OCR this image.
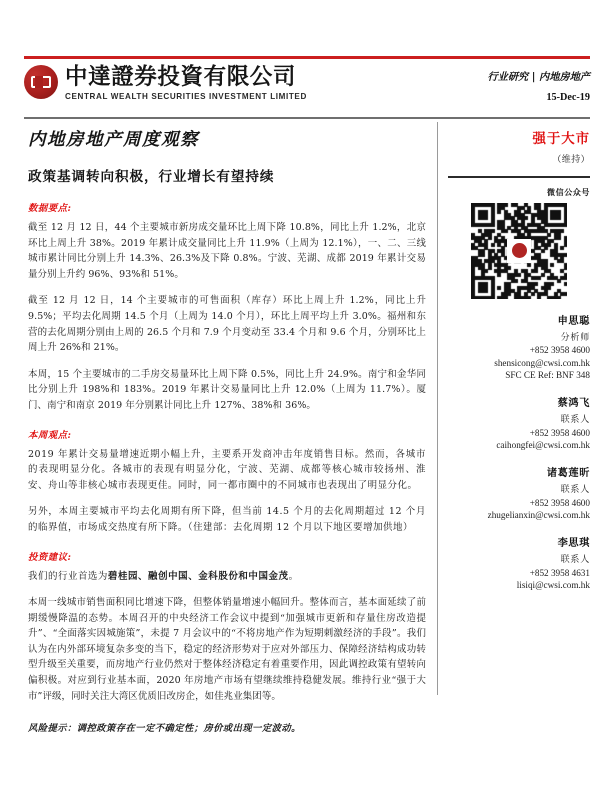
中達證券投資有限公司
CENTRAL WEALTH SECURITIES INVESTMENT LIMITED
行业研究 | 内地房地产
15-Dec-19
内地房地产周度观察
政策基调转向积极，行业增长有望持续
数据要点:

截至 12 月 12 日，44 个主要城市新房成交量环比上周下降 10.8%，同比上升 1.2%，北京环比上周上升 38%。2019 年累计成交量同比上升 11.9%（上周为 12.1%），一、二、三线城市累计同比分别上升 14.3%、26.3%及下降 0.8%。宁波、芜湖、成都 2019 年累计交易量分别上升约 96%、93%和 51%。

截至 12 月 12 日，14 个主要城市的可售面积（库存）环比上周上升 1.2%，同比上升 9.5%；平均去化周期 14.5 个月（上周为 14.0 个月），环比上周平均上升 3.0%。福州和东营的去化周期分别由上周的 26.5 个月和 7.9 个月变动至 33.4 个月和 9.6 个月，分别环比上周上升 26%和 21%。

本周，15 个主要城市的二手房交易量环比上周下降 0.5%，同比上升 24.9%。南宁和金华同比分别上升 198%和 183%。2019 年累计交易量同比上升 12.0%（上周为 11.7%）。厦门、南宁和南京 2019 年分别累计同比上升 127%、38%和 36%。

本周观点:

2019 年累计交易量增速近期小幅上升，主要系开发商冲击年度销售目标。然而，各城市的表现明显分化。各城市的表现有明显分化，宁波、芜湖、成都等核心城市较扬州、淮安、舟山等非核心城市表现更佳。同时，同一都市圈中的不同城市也表现出了明显分化。

另外，本周主要城市平均去化周期有所下降，但当前 14.5 个月的去化周期超过 12 个月的临界值，市场成交热度有所下降。（住建部：去化周期 12 个月以下地区要增加供地）

投资建议:

我们的行业首选为碧桂园、融创中国、金科股份和中国金茂。

本周一线城市销售面积同比增速下降，但整体销量增速小幅回升。整体而言，基本面延续了前期缓慢降温的态势。本周召开的中央经济工作会议中提到“加强城市更新和存量住房改造提升”、“全面落实因城施策”，未提 7 月会议中的“不将房地产作为短期刺激经济的手段”。我们认为在内外部环境复杂多变的当下，稳定的经济形势对于应对外部压力、保障经济结构成功转型升级至关重要，而房地产行业仍然对于整体经济稳定有着重要作用，因此调控政策有望转向偏积极。对应到行业基本面，2020 年房地产市场有望继续维持稳健发展。维持行业“强于大市”评级，同时关注大湾区优质旧改房企，如佳兆业集团等。

风险提示：调控政策存在一定不确定性；房价或出现一定波动。
强于大市
（维持）
微信公众号
申思聪
分析师
+852 3958 4600
shensicong@cwsi.com.hk
SFC CE Ref: BNF 348
蔡鸿飞
联系人
+852 3958 4600
caihongfei@cwsi.com.hk
诸葛莲昕
联系人
+852 3958 4600
zhugelianxin@cwsi.com.hk
李思琪
联系人
+852 3958 4631
lisiqi@cwsi.com.hk
